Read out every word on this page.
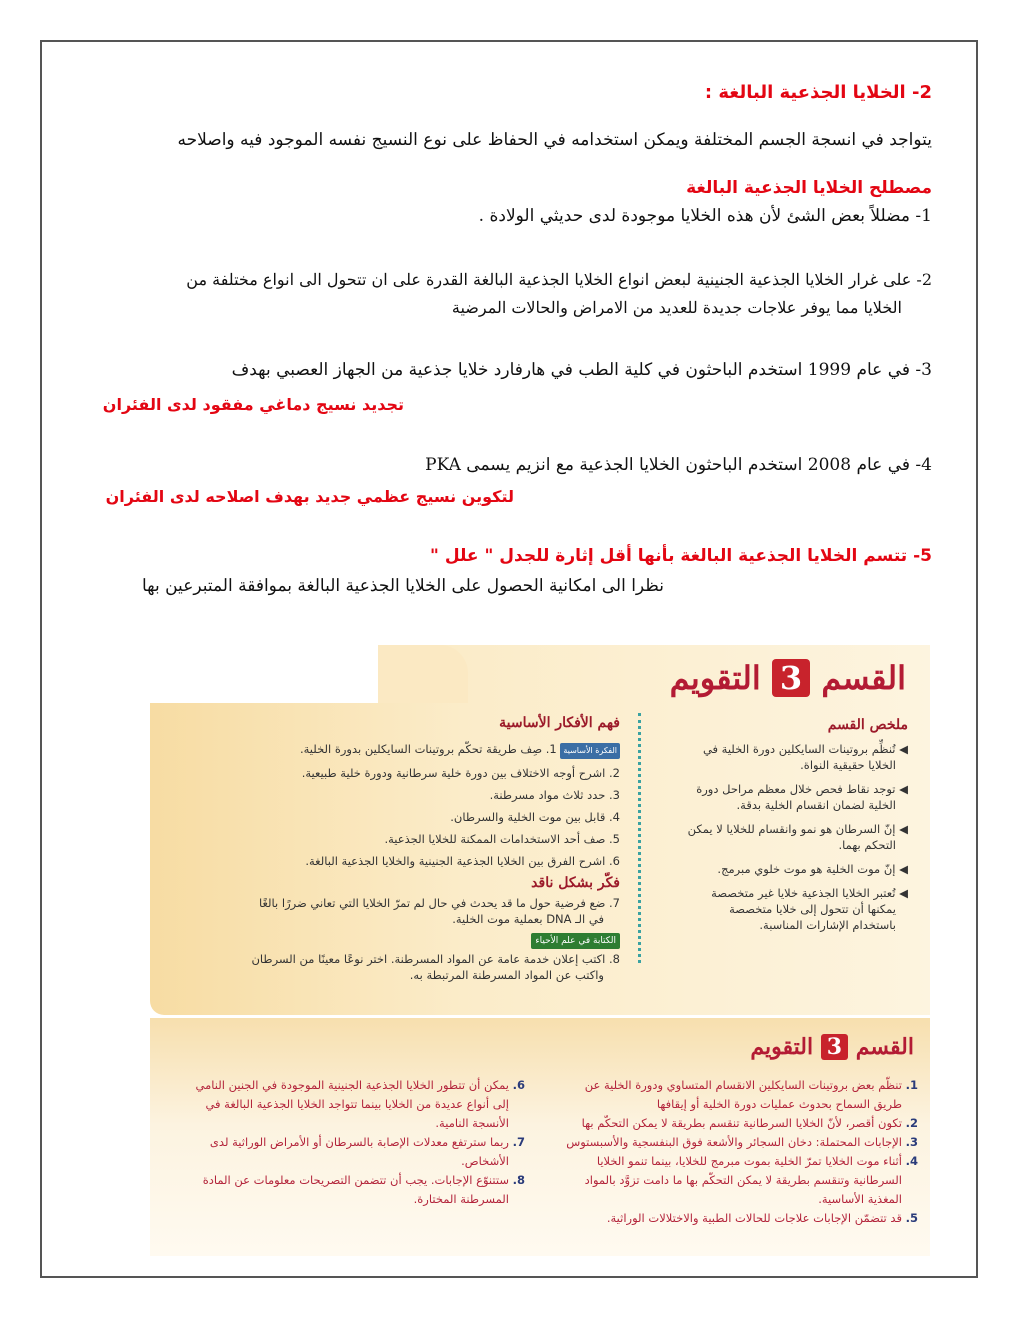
2- الخلايا الجذعية البالغة :
يتواجد في انسجة الجسم المختلفة ويمكن استخدامه في الحفاظ على نوع النسيج نفسه الموجود فيه واصلاحه
مصطلح الخلايا الجذعية البالغة
1- مضللاً بعض الشئ لأن هذه الخلايا موجودة لدى حديثي الولادة .
2- على غرار الخلايا الجذعية الجنينية لبعض انواع الخلايا الجذعية البالغة القدرة على ان تتحول الى انواع مختلفة من
الخلايا مما يوفر علاجات جديدة للعديد من الامراض والحالات المرضية
3- في عام 1999 استخدم الباحثون في كلية الطب في هارفارد خلايا جذعية من الجهاز العصبي بهدف
تجديد نسيج دماغي مفقود لدى الفئران
4- في عام 2008 استخدم الباحثون الخلايا الجذعية مع انزيم يسمى PKA
لتكوين نسيج عظمي جديد بهدف اصلاحه لدى الفئران
5- تتسم الخلايا الجذعية البالغة بأنها أقل إثارة للجدل " علل "
نظرا الى امكانية الحصول على الخلايا الجذعية البالغة بموافقة المتبرعين بها
القسم 3 التقويم
ملخص القسم
◀ تُنظِّم بروتينات السايكلين دورة الخلية في
الخلايا حقيقية النواة.
◀ توجد نقاط فحص خلال معظم مراحل دورة
الخلية لضمان انقسام الخلية بدقة.
◀ إنّ السرطان هو نمو وانقسام للخلايا لا يمكن
التحكم بهما.
◀ إنّ موت الخلية هو موت خلوي مبرمج.
◀ تُعتبر الخلايا الجذعية خلايا غير متخصصة
يمكنها أن تتحول إلى خلايا متخصصة
باستخدام الإشارات المناسبة.
فهم الأفكار الأساسية
الفكرة الأساسية 1. صِف طريقة تحكّم بروتينات السايكلين بدورة الخلية.
2. اشرح أوجه الاختلاف بين دورة خلية سرطانية ودورة خلية طبيعية.
3. حدد ثلاث مواد مسرطنة.
4. قابل بين موت الخلية والسرطان.
5. صف أحد الاستخدامات الممكنة للخلايا الجذعية.
6. اشرح الفرق بين الخلايا الجذعية الجنينية والخلايا الجذعية البالغة.
فكّر بشكل ناقد
7. ضع فرضية حول ما قد يحدث في حال لم تمرّ الخلايا التي تعاني ضررًا بالغًا
في الـ DNA بعملية موت الخلية.
الكتابة في علم الأحياء
8. اكتب إعلان خدمة عامة عن المواد المسرطنة. اختر نوعًا معينًا من السرطان
واكتب عن المواد المسرطنة المرتبطة به.
القسم 3 التقويم
1. تنظّم بعض بروتينات السايكلين الانقسام المتساوي ودورة الخلية عن
طريق السماح بحدوث عمليات دورة الخلية أو إيقافها
2. تكون أقصر، لأنّ الخلايا السرطانية تنقسم بطريقة لا يمكن التحكّم بها
3. الإجابات المحتملة: دخان السجائر والأشعة فوق البنفسجية والأسبستوس
4. أثناء موت الخلايا تمرّ الخلية بموت مبرمج للخلايا، بينما تنمو الخلايا
السرطانية وتنقسم بطريقة لا يمكن التحكّم بها ما دامت تزوَّد بالمواد
المغذية الأساسية.
5. قد تتضمّن الإجابات علاجات للحالات الطبية والاختلالات الوراثية.
6. يمكن أن تتطور الخلايا الجذعية الجنينية الموجودة في الجنين النامي
إلى أنواع عديدة من الخلايا بينما تتواجد الخلايا الجذعية البالغة في
الأنسجة النامية.
7. ربما سترتفع معدلات الإصابة بالسرطان أو الأمراض الوراثية لدى
الأشخاص.
8. ستتنوّع الإجابات. يجب أن تتضمن التصريحات معلومات عن المادة
المسرطنة المختارة.
